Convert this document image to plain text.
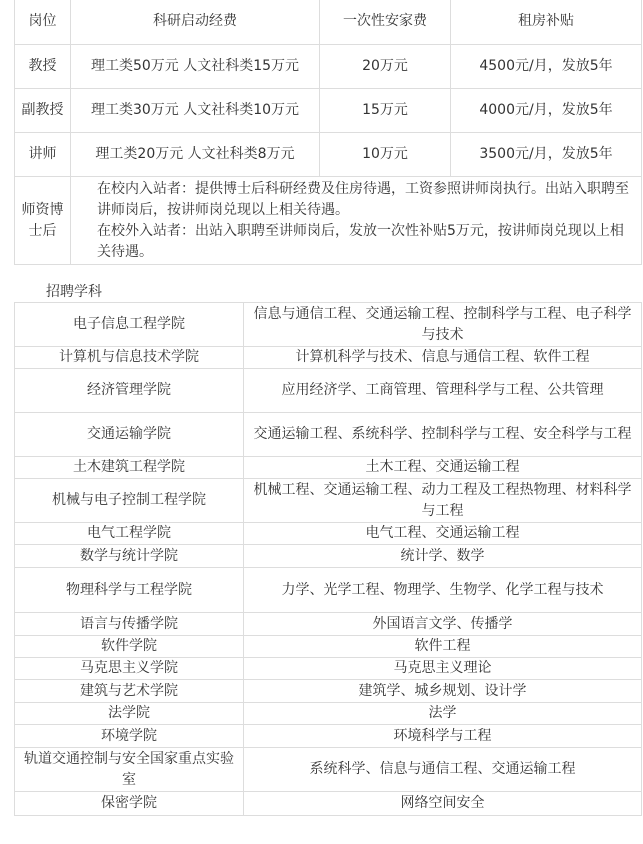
岗位	科研启动经费	一次性安家费	租房补贴
教授	理工类50万元 人文社科类15万元	20万元	4500元/月，发放5年
副教授	理工类30万元 人文社科类10万元	15万元	4000元/月，发放5年
讲师	理工类20万元 人文社科类8万元	10万元	3500元/月，发放5年
师资博士后	在校内入站者：提供博士后科研经费及住房待遇，工资参照讲师岗执行。出站入职聘至讲师岗后，按讲师岗兑现以上相关待遇。
在校外入站者：出站入职聘至讲师岗后，发放一次性补贴5万元，按讲师岗兑现以上相关待遇。		
招聘学科
电子信息工程学院	信息与通信工程、交通运输工程、控制科学与工程、电子科学与技术
计算机与信息技术学院	计算机科学与技术、信息与通信工程、软件工程
经济管理学院	应用经济学、工商管理、管理科学与工程、公共管理
交通运输学院	交通运输工程、系统科学、控制科学与工程、安全科学与工程
土木建筑工程学院	土木工程、交通运输工程
机械与电子控制工程学院	机械工程、交通运输工程、动力工程及工程热物理、材料科学与工程
电气工程学院	电气工程、交通运输工程
数学与统计学院	统计学、数学
物理科学与工程学院	力学、光学工程、物理学、生物学、化学工程与技术
语言与传播学院	外国语言文学、传播学
软件学院	软件工程
马克思主义学院	马克思主义理论
建筑与艺术学院	建筑学、城乡规划、设计学
法学院	法学
环境学院	环境科学与工程
轨道交通控制与安全国家重点实验室	系统科学、信息与通信工程、交通运输工程
保密学院	网络空间安全
